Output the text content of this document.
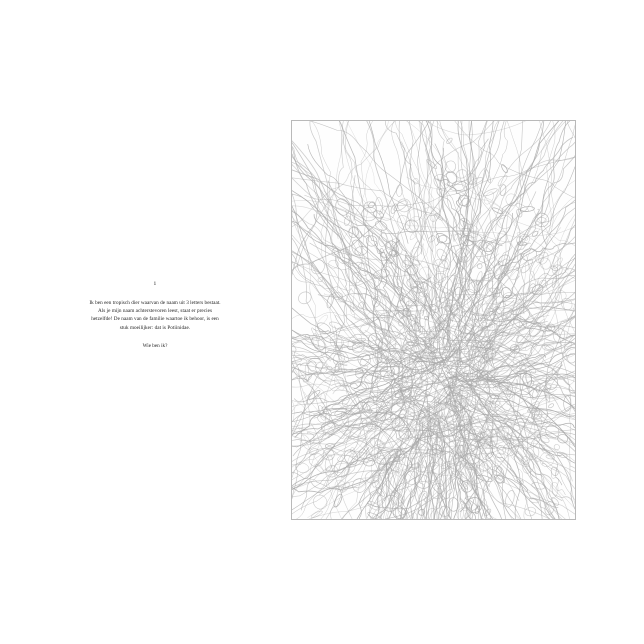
1
Ik ben een tropisch dier waarvan de naam uit 3 letters bestaat.
Als je mijn naam achterstevoren leest, staat er precies
hetzelfde! De naam van de familie waartoe ik behoor, is een
stuk moeilijker: dat is Potiinidae.
Wie ben ik?
